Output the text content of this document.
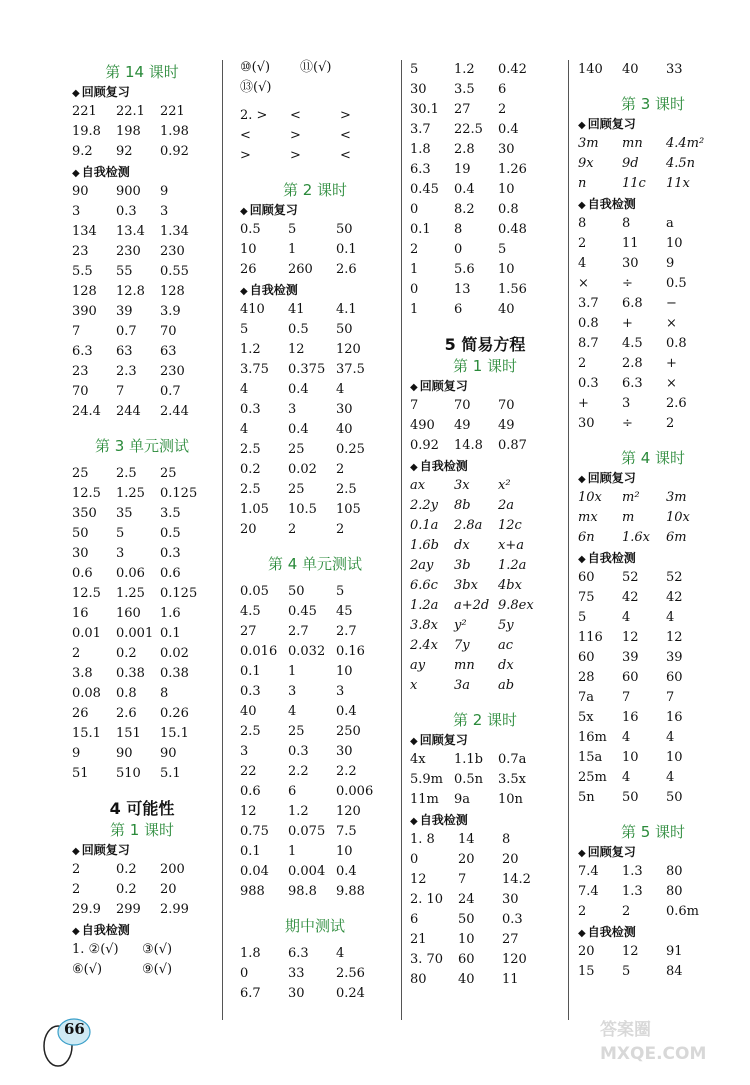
第 14 课时
◆ 回顾复习
221	22.1	221
19.8	198	1.98
9.2	92	0.92
◆ 自我检测
90	900	9
3	0.3	3
134	13.4	1.34
23	230	230
5.5	55	0.55
128	12.8	128
390	39	3.9
7	0.7	70
6.3	63	63
23	2.3	230
70	7	0.7
24.4	244	2.44
第 3 单元测试
25	2.5	25
12.5	1.25	0.125
350	35	3.5
50	5	0.5
30	3	0.3
0.6	0.06	0.6
12.5	1.25	0.125
16	160	1.6
0.01	0.001 0.1
2	0.2	0.02
3.8	0.38	0.38
0.08	0.8	8
26	2.6	0.26
15.1	151	15.1
9	90	90
51	510	5.1
4 可能性
第 1 课时
◆ 回顾复习
2	0.2	200
2	0.2	20
29.9	299	2.99
◆ 自我检测
1. ②(√)	③(√)
⑥(√)	⑨(√)
⑩(√)	⑪(√)
⑬(√)
2. >	<	>
<	>	<
>	>	<
第 2 课时
◆ 回顾复习
0.5	5	50
10	1	0.1
26	260	2.6
◆ 自我检测
410	41	4.1
5	0.5	50
1.2	12	120
3.75	0.375 37.5
4	0.4	4
0.3	3	30
4	0.4	40
2.5	25	0.25
0.2	0.02	2
2.5	25	2.5
1.05	10.5	105
20	2	2
第 4 单元测试
0.05	50	5
4.5	0.45	45
27	2.7	2.7
0.016 0.032 0.16
0.1	1	10
0.3	3	3
40	4	0.4
2.5	25	250
3	0.3	30
22	2.2	2.2
0.6	6	0.006
12	1.2	120
0.75	0.075 7.5
0.1	1	10
0.04	0.004 0.4
988	98.8	9.88
期中测试
1.8	6.3	4
0	33	2.56
6.7	30	0.24
5	1.2	0.42
30	3.5	6
30.1	27	2
3.7	22.5	0.4
1.8	2.8	30
6.3	19	1.26
0.45	0.4	10
0	8.2	0.8
0.1	8	0.48
2	0	5
1	5.6	10
0	13	1.56
1	6	40
5 简易方程
第 1 课时
◆ 回顾复习
7	70	70
490	49	49
0.92	14.8	0.87
◆ 自我检测
ax	3x	x²
2.2y	8b	2a
0.1a	2.8a	12c
1.6b	dx	x+a
2ay	3b	1.2a
6.6c	3bx	4bx
1.2a	a+2d 9.8ex
3.8x	y²	5y
2.4x	7y	ac
ay	mn	dx
x	3a	ab
第 2 课时
◆ 回顾复习
4x	1.1b	0.7a
5.9m 0.5n	3.5x
11m	9a	10n
◆ 自我检测
1. 8	14	8
0	20	20
12	7	14.2
2. 10	24	30
6	50	0.3
21	10	27
3. 70	60	120
80	40	11
140	40	33
第 3 课时
◆ 回顾复习
3m	mn	4.4m²
9x	9d	4.5n
n	11c	11x
◆ 自我检测
8	8	a
2	11	10
4	30	9
×	÷	0.5
3.7	6.8	−
0.8	+	×
8.7	4.5	0.8
2	2.8	+
0.3	6.3	×
+	3	2.6
30	÷	2
第 4 课时
◆ 回顾复习
10x	m²	3m
mx	m	10x
6n	1.6x	6m
◆ 自我检测
60	52	52
75	42	42
5	4	4
116	12	12
60	39	39
28	60	60
7a	7	7
5x	16	16
16m	4	4
15a	10	10
25m	4	4
5n	50	50
第 5 课时
◆ 回顾复习
7.4	1.3	80
7.4	1.3	80
2	2	0.6m
◆ 自我检测
20	12	91
15	5	84
66	答案圈 MXQE.COM
